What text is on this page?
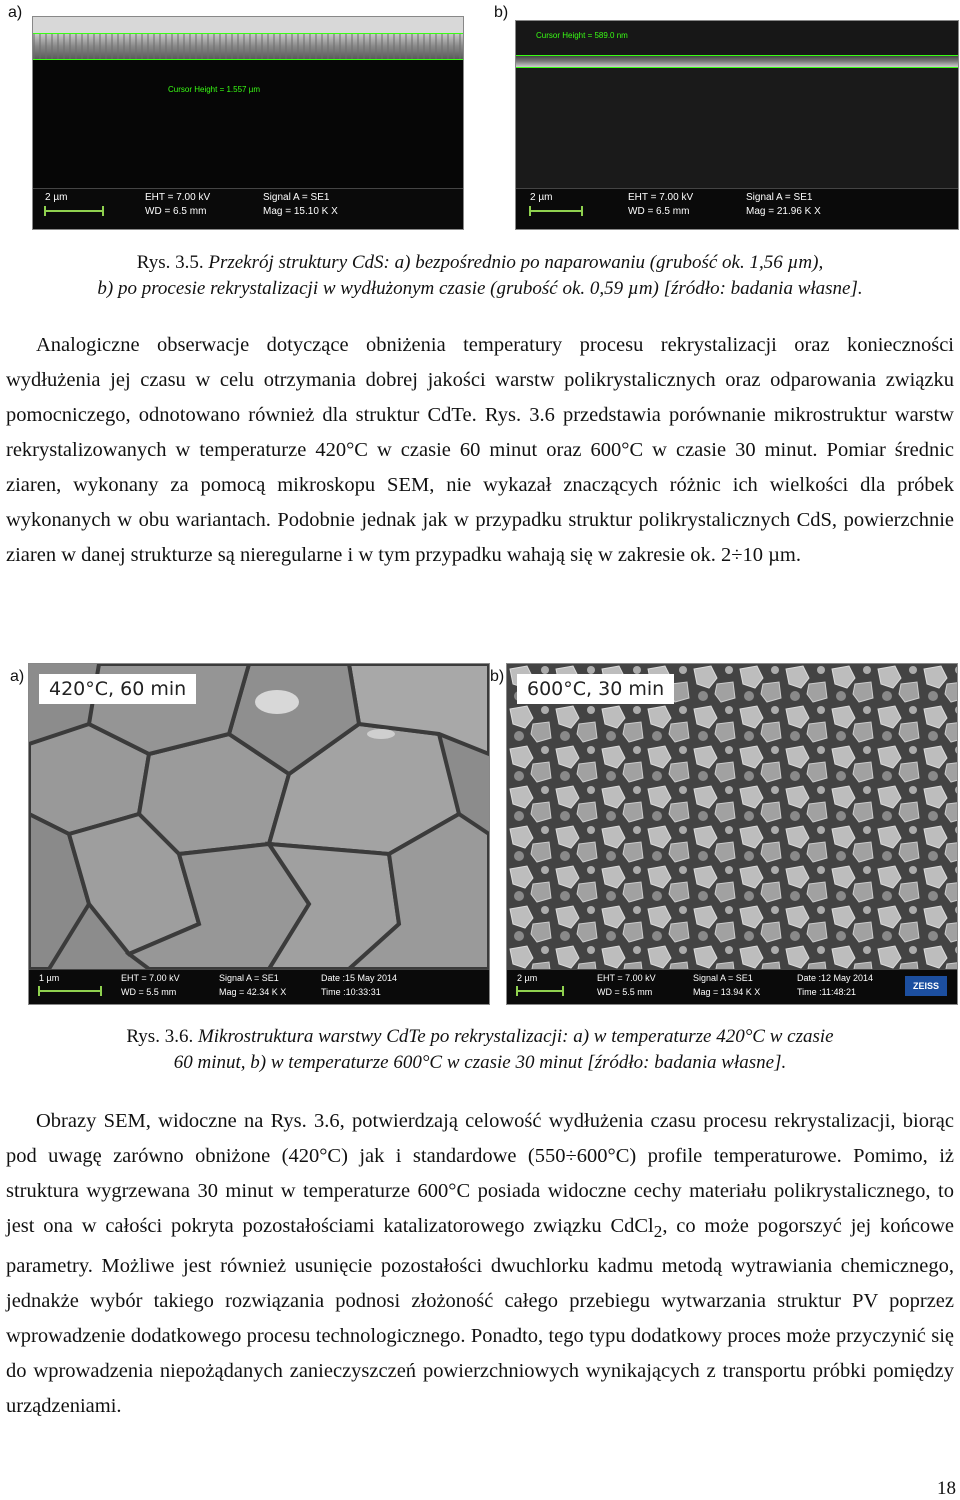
a)	b)
Cursor Height = 1.557 µm
2 µm	EHT = 7.00 kV
WD = 6.5 mm
Signal A = SE1
Mag = 15.10 K X
Cursor Height = 589.0 nm
2 µm	EHT = 7.00 kV
WD = 6.5 mm
Signal A = SE1
Mag = 21.96 K X
Rys. 3.5. Przekrój struktury CdS: a) bezpośrednio po naparowaniu (grubość ok. 1,56 µm),
b) po procesie rekrystalizacji w wydłużonym czasie (grubość ok. 0,59 µm) [źródło: badania własne].

Analogiczne obserwacje dotyczące obniżenia temperatury procesu rekrystalizacji oraz konieczności wydłużenia jej czasu w celu otrzymania dobrej jakości warstw polikrystalicznych oraz odparowania związku pomocniczego, odnotowano również dla struktur CdTe. Rys. 3.6 przedstawia porównanie mikrostruktur warstw rekrystalizowanych w temperaturze 420°C w czasie 60 minut oraz 600°C w czasie 30 minut. Pomiar średnic ziaren, wykonany za pomocą mikroskopu SEM, nie wykazał znaczących różnic ich wielkości dla próbek wykonanych w obu wariantach. Podobnie jednak jak w przypadku struktur polikrystalicznych CdS, powierzchnie ziaren w danej strukturze są nieregularne i w tym przypadku wahają się w zakresie ok. 2÷10 µm.

a)	b)
420°C, 60 min
1 µm	EHT = 7.00 kV
WD = 5.5 mm
Signal A = SE1
Mag = 42.34 K X
Date :15 May 2014
Time :10:33:31
600°C, 30 min
2 µm	EHT = 7.00 kV
WD = 5.5 mm
Signal A = SE1
Mag = 13.94 K X
Date :12 May 2014
Time :11:48:21
ZEISS
Rys. 3.6. Mikrostruktura warstwy CdTe po rekrystalizacji: a) w temperaturze 420°C w czasie
60 minut, b) w temperaturze 600°C w czasie 30 minut [źródło: badania własne].

Obrazy SEM, widoczne na Rys. 3.6, potwierdzają celowość wydłużenia czasu procesu rekrystalizacji, biorąc pod uwagę zarówno obniżone (420°C) jak i standardowe (550÷600°C) profile temperaturowe. Pomimo, iż struktura wygrzewana 30 minut w temperaturze 600°C posiada widoczne cechy materiału polikrystalicznego, to jest ona w całości pokryta pozostałościami katalizatorowego związku CdCl$_2$, co może pogorszyć jej końcowe parametry. Możliwe jest również usunięcie pozostałości dwuchlorku kadmu metodą wytrawiania chemicznego, jednakże wybór takiego rozwiązania podnosi złożoność całego przebiegu wytwarzania struktur PV poprzez wprowadzenie dodatkowego procesu technologicznego. Ponadto, tego typu dodatkowy proces może przyczynić się do wprowadzenia niepożądanych zanieczyszczeń powierzchniowych wynikających z transportu próbki pomiędzy urządzeniami.

18
